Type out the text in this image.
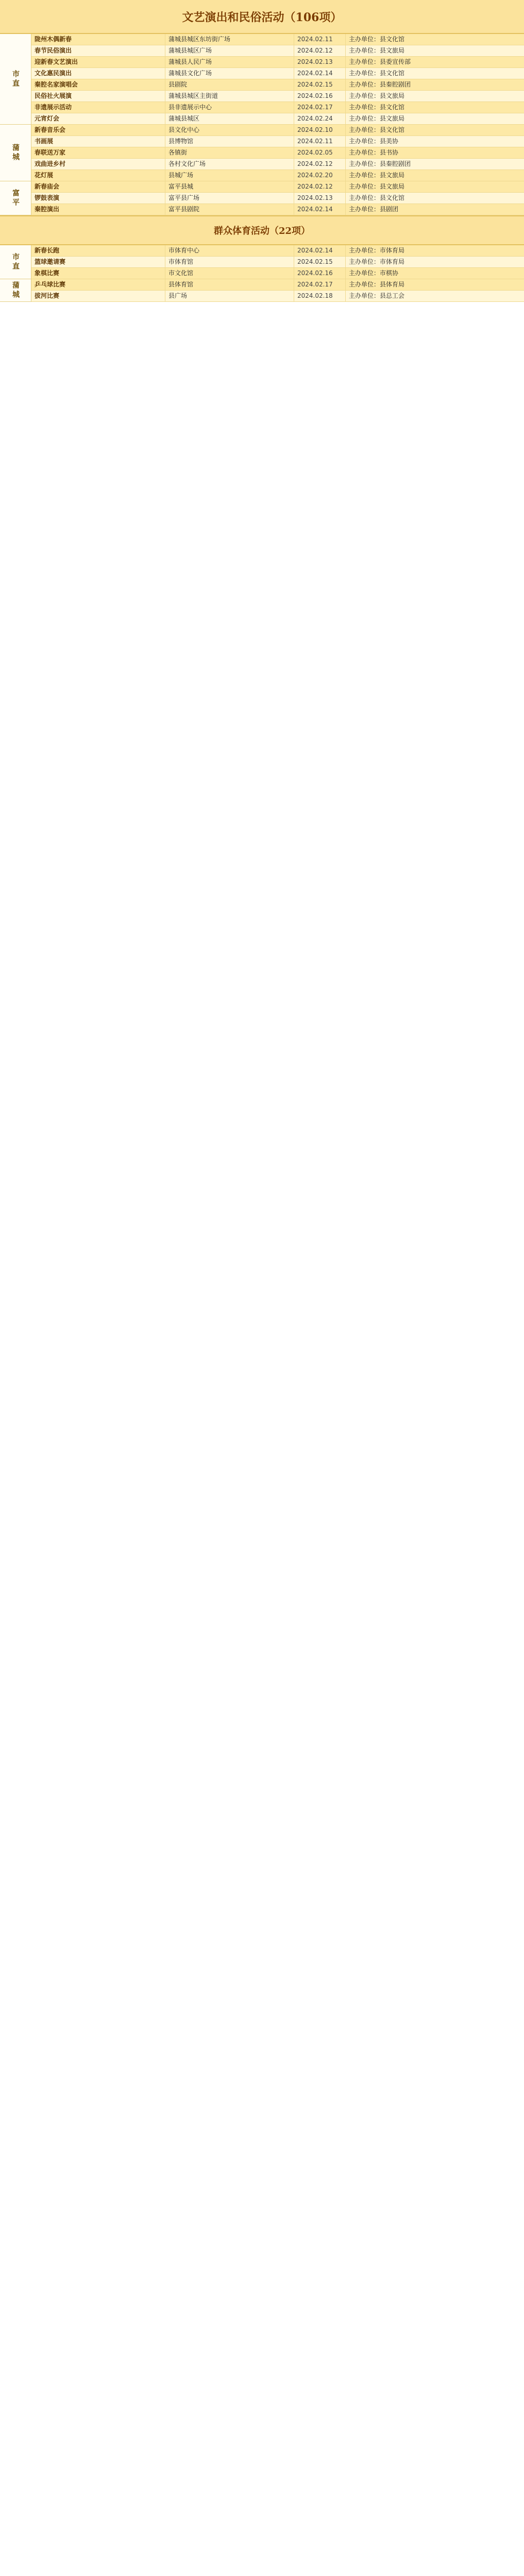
文艺演出和民俗活动（106项）
市直
陇州木偶新春	蒲城县城区东坊街广场	2024.02.11	主办单位：县文化馆
春节民俗演出	蒲城县城区广场	2024.02.12	主办单位：县文旅局
迎新春文艺演出	蒲城县人民广场	2024.02.13	主办单位：县委宣传部
文化惠民演出	蒲城县文化广场	2024.02.14	主办单位：县文化馆
秦腔名家演唱会	县剧院	2024.02.15	主办单位：县秦腔剧团
民俗社火展演	蒲城县城区主街道	2024.02.16	主办单位：县文旅局
非遗展示活动	县非遗展示中心	2024.02.17	主办单位：县文化馆
元宵灯会	蒲城县城区	2024.02.24	主办单位：县文旅局
蒲城
新春音乐会	县文化中心	2024.02.10	主办单位：县文化馆
书画展	县博物馆	2024.02.11	主办单位：县美协
春联送万家	各镇街	2024.02.05	主办单位：县书协
戏曲进乡村	各村文化广场	2024.02.12	主办单位：县秦腔剧团
花灯展	县城广场	2024.02.20	主办单位：县文旅局
富平
新春庙会	富平县城	2024.02.12	主办单位：县文旅局
锣鼓表演	富平县广场	2024.02.13	主办单位：县文化馆
秦腔演出	富平县剧院	2024.02.14	主办单位：县剧团
群众体育活动（22项）
市直
新春长跑	市体育中心	2024.02.14	主办单位：市体育局
篮球邀请赛	市体育馆	2024.02.15	主办单位：市体育局
象棋比赛	市文化馆	2024.02.16	主办单位：市棋协
蒲城	乒乓球比赛	县体育馆	2024.02.17	主办单位：县体育局
拔河比赛	县广场	2024.02.18	主办单位：县总工会
